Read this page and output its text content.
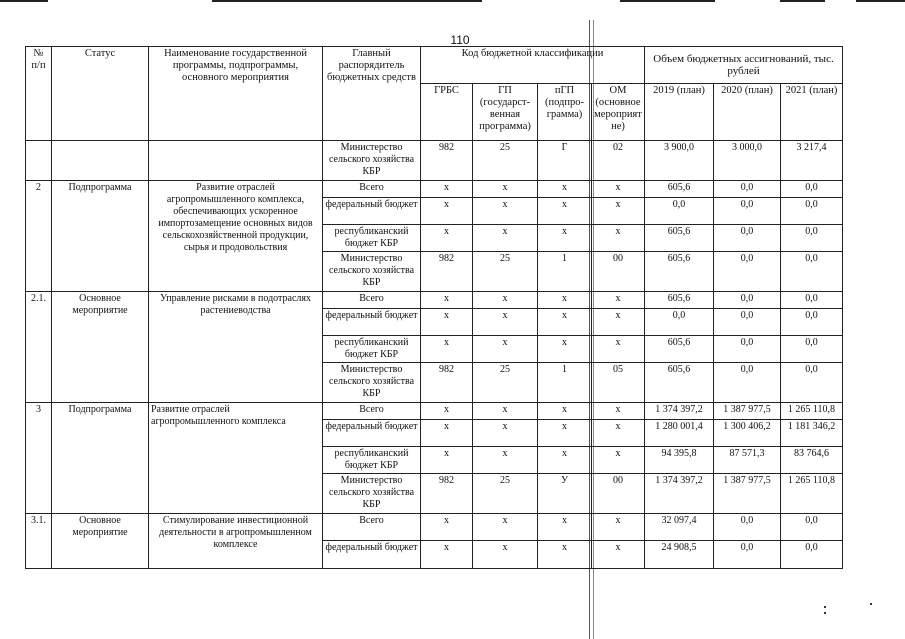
110
№ п/п	Статус	Наименование государственной программы, подпрограммы, основного мероприятия	Главный распорядитель бюджетных средств	Код бюджетной классификации				Объем бюджетных ассигнований, тыс. рублей		
				ГРБС	ГП (государст-венная программа)	пГП (подпро-грамма)	ОМ (основное мероприят не)	2019 (план)	2020 (план)	2021 (план)
			Министерство сельского хозяйства КБР	982	25	Г	02	3 900,0	3 000,0	3 217,4
2	Подпрограмма	Развитие отраслей агропромышленного комплекса, обеспечивающих ускоренное импортозамещение основных видов сельскохозяйственной продукции, сырья и продовольствия	Всего	х	х	х	х	605,6	0,0	0,0
			федеральный бюджет	х	х	х	х	0,0	0,0	0,0
			республиканский бюджет КБР	х	х	х	х	605,6	0,0	0,0
			Министерство сельского хозяйства КБР	982	25	1	00	605,6	0,0	0,0
2.1.	Основное мероприятие	Управление рисками в подотраслях растениеводства	Всего	х	х	х	х	605,6	0,0	0,0
			федеральный бюджет	х	х	х	х	0,0	0,0	0,0
			республиканский бюджет КБР	х	х	х	х	605,6	0,0	0,0
			Министерство сельского хозяйства КБР	982	25	1	05	605,6	0,0	0,0
3	Подпрограмма	Развитие отраслей агропромышленного комплекса	Всего	х	х	х	х	1 374 397,2	1 387 977,5	1 265 110,8
			федеральный бюджет	х	х	х	х	1 280 001,4	1 300 406,2	1 181 346,2
			республиканский бюджет КБР	х	х	х	х	94 395,8	87 571,3	83 764,6
			Министерство сельского хозяйства КБР	982	25	У	00	1 374 397,2	1 387 977,5	1 265 110,8
3.1.	Основное мероприятие	Стимулирование инвестиционной деятельности в агропромышленном комплексе	Всего	х	х	х	х	32 097,4	0,0	0,0
			федеральный бюджет	х	х	х	х	24 908,5	0,0	0,0
